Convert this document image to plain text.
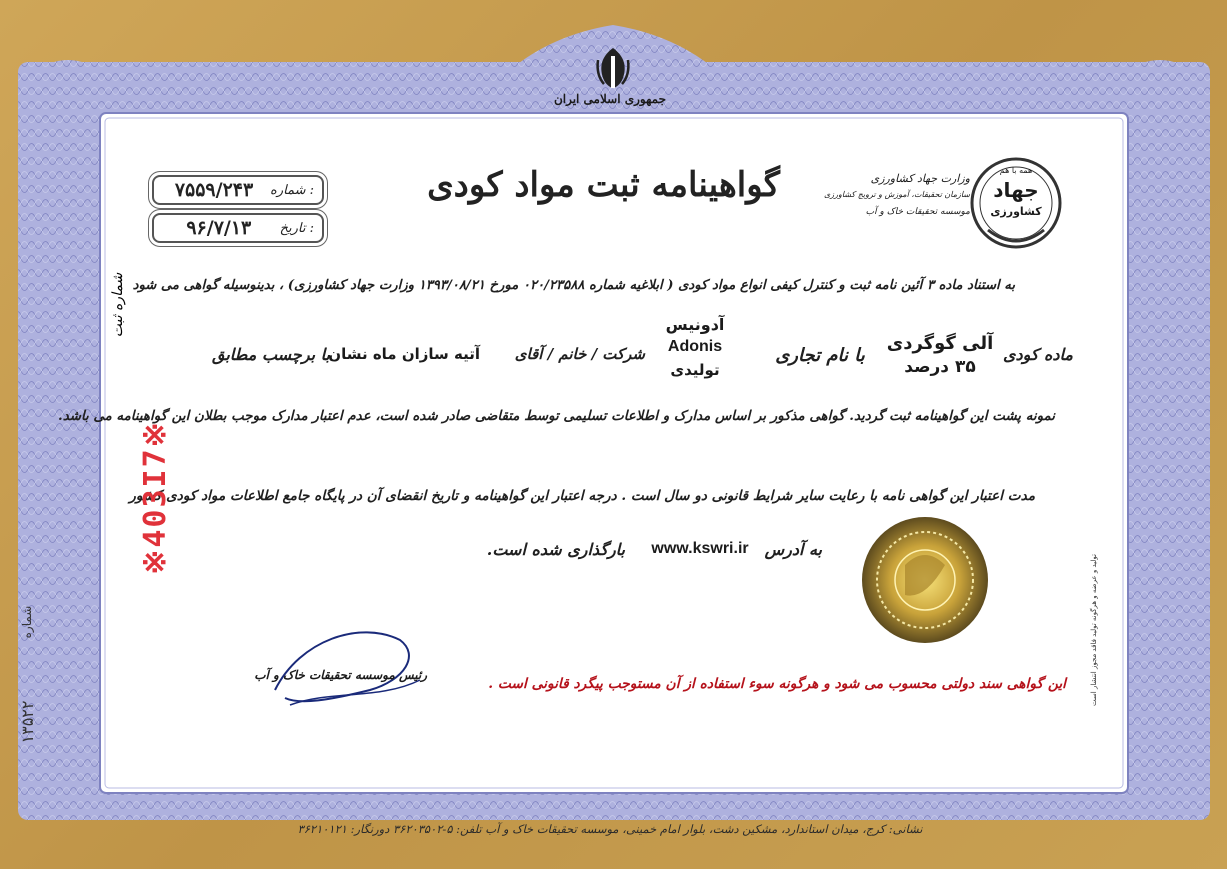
جمهوری اسلامی ایران
گواهینامه ثبت مواد کودی
۷۵۵۹/۲۴۳	شماره :
۹۶/۷/۱۳	تاریخ :
وزارت جهاد کشاورزی
سازمان تحقیقات، آموزش و ترویج کشاورزی
موسسه تحقیقات خاک و آب
همه با هم
جهاد
کشاورزی
به استناد ماده ۳ آئین نامه ثبت و کنترل کیفی انواع مواد کودی ( ابلاغیه شماره ۰۲۰/۲۳۵۸۸ مورخ ۱۳۹۳/۰۸/۲۱ وزارت جهاد کشاورزی) ، بدینوسیله گواهی می شود
ماده کودی
آلی گوگردی
۳۵ درصد
با نام تجاری
آدونیس
Adonis
تولیدی
شرکت / خانم / آقای
آتیه سازان ماه نشان
با برچسب مطابق
نمونه پشت این گواهینامه ثبت گردید. گواهی مذکور بر اساس مدارک و اطلاعات تسلیمی توسط متقاضی صادر شده است، عدم اعتبار مدارک موجب بطلان این گواهینامه می باشد.
مدت اعتبار این گواهی نامه با رعایت سایر شرایط قانونی دو سال است . درجه اعتبار این گواهینامه و تاریخ انقضای آن در پایگاه جامع اطلاعات مواد کودی کشور
به آدرس
www.kswri.ir
بارگذاری شده است.
این گواهی سند دولتی محسوب می شود و هرگونه سوء استفاده از آن مستوجب پیگرد قانونی است .
رئیس موسسه تحقیقات خاک و آب
شماره ثبت
※403I7※
تولید و عرضه و هرگونه تولید فاقد مجوز انتشار است
شماره
۱۳۵۲۲
نشانی: کرج، میدان استاندارد، مشکین دشت، بلوار امام خمینی، موسسه تحقیقات خاک و آب تلفن: ۵-۳۶۲۰۳۵۰۲ دورنگار: ۳۶۲۱۰۱۲۱
